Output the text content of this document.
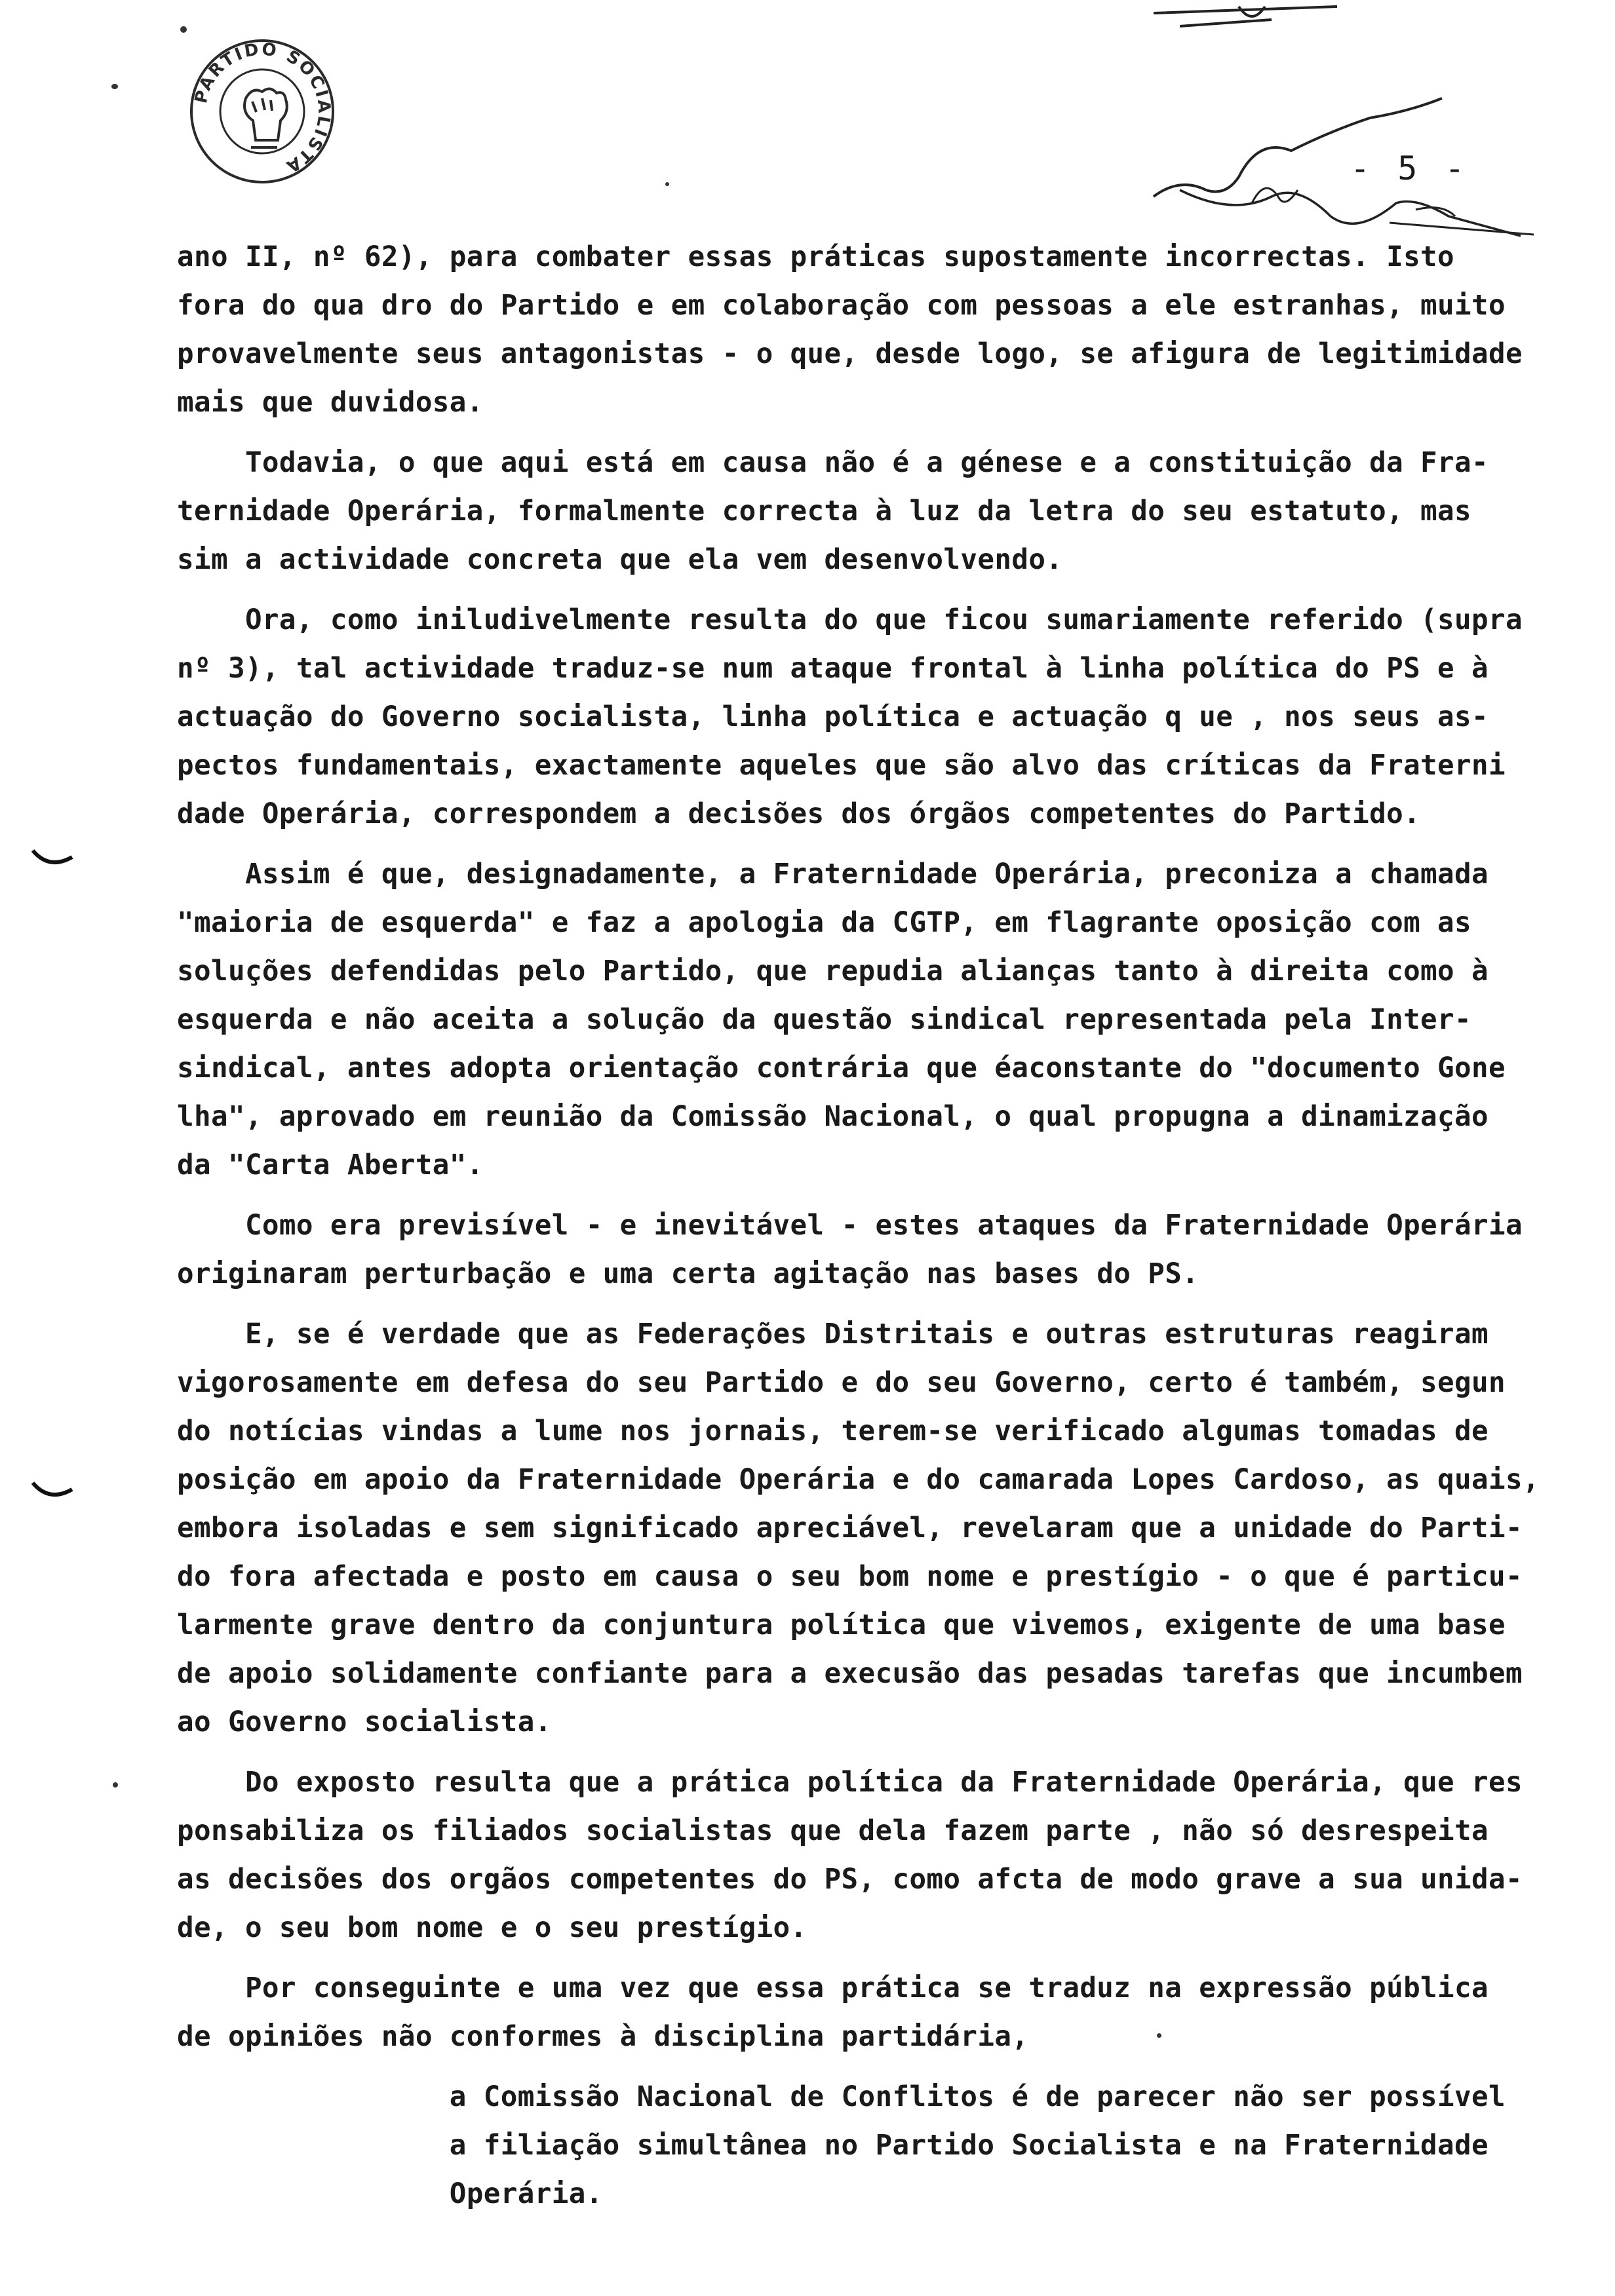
PARTIDO SOCIALISTA	- 5 -
ano II, nº 62), para combater essas práticas supostamente incorrectas. Isto
fora do qua dro do Partido e em colaboração com pessoas a ele estranhas, muito
provavelmente seus antagonistas - o que, desde logo, se afigura de legitimidade
mais que duvidosa.
Todavia, o que aqui está em causa não é a génese e a constituição da Fra-
ternidade Operária, formalmente correcta à luz da letra do seu estatuto, mas
sim a actividade concreta que ela vem desenvolvendo.
Ora, como iniludivelmente resulta do que ficou sumariamente referido (supra
nº 3), tal actividade traduz-se num ataque frontal à linha política do PS e à
actuação do Governo socialista, linha política e actuação q ue , nos seus as-
pectos fundamentais, exactamente aqueles que são alvo das críticas da Fraterni
dade Operária, correspondem a decisões dos órgãos competentes do Partido.
Assim é que, designadamente, a Fraternidade Operária, preconiza a chamada
"maioria de esquerda" e faz a apologia da CGTP, em flagrante oposição com as
soluções defendidas pelo Partido, que repudia alianças tanto à direita como à
esquerda e não aceita a solução da questão sindical representada pela Inter-
sindical, antes adopta orientação contrária que éaconstante do "documento Gone
lha", aprovado em reunião da Comissão Nacional, o qual propugna a dinamização
da "Carta Aberta".
Como era previsível - e inevitável - estes ataques da Fraternidade Operária
originaram perturbação e uma certa agitação nas bases do PS.
E, se é verdade que as Federações Distritais e outras estruturas reagiram
vigorosamente em defesa do seu Partido e do seu Governo, certo é também, segun
do notícias vindas a lume nos jornais, terem-se verificado algumas tomadas de
posição em apoio da Fraternidade Operária e do camarada Lopes Cardoso, as quais,
embora isoladas e sem significado apreciável, revelaram que a unidade do Parti-
do fora afectada e posto em causa o seu bom nome e prestígio - o que é particu-
larmente grave dentro da conjuntura política que vivemos, exigente de uma base
de apoio solidamente confiante para a execusão das pesadas tarefas que incumbem
ao Governo socialista.
Do exposto resulta que a prática política da Fraternidade Operária, que res
ponsabiliza os filiados socialistas que dela fazem parte , não só desrespeita
as decisões dos orgãos competentes do PS, como afcta de modo grave a sua unida-
de, o seu bom nome e o seu prestígio.
Por conseguinte e uma vez que essa prática se traduz na expressão pública
de opiniões não conformes à disciplina partidária,
a Comissão Nacional de Conflitos é de parecer não ser possível
a filiação simultânea no Partido Socialista e na Fraternidade
Operária.
